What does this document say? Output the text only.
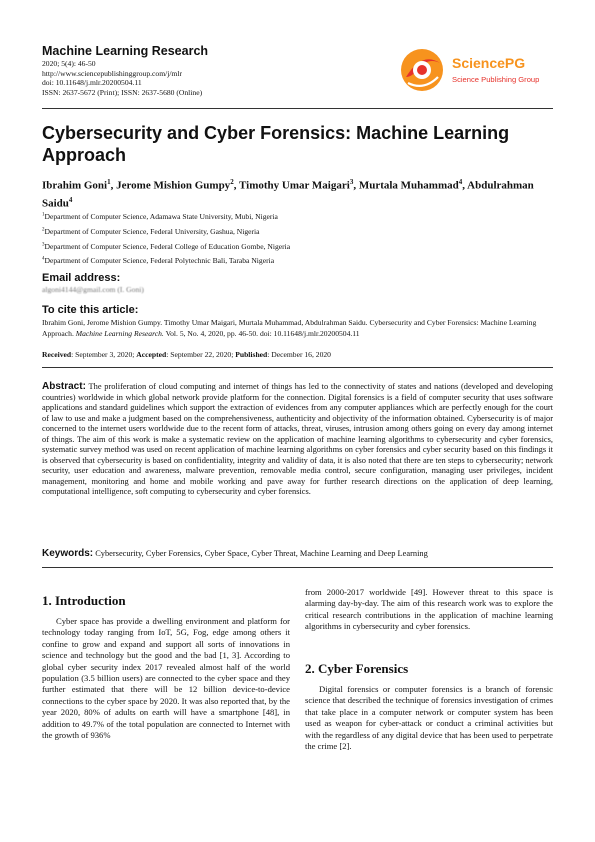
Machine Learning Research
2020; 5(4): 46-50
http://www.sciencepublishinggroup.com/j/mlr
doi: 10.11648/j.mlr.20200504.11
ISSN: 2637-5672 (Print); ISSN: 2637-5680 (Online)
SciencePG
Science Publishing Group
Cybersecurity and Cyber Forensics: Machine Learning Approach
Ibrahim Goni$^1$, Jerome Mishion Gumpy$^2$, Timothy Umar Maigari$^3$, Murtala Muhammad$^4$, Abdulrahman Saidu$^4$
$^1$Department of Computer Science, Adamawa State University, Mubi, Nigeria
$^2$Department of Computer Science, Federal University, Gashua, Nigeria
$^3$Department of Computer Science, Federal College of Education Gombe, Nigeria
$^4$Department of Computer Science, Federal Polytechnic Bali, Taraba Nigeria
Email address:
algoni4144@gmail.com (I. Goni)
To cite this article:
Ibrahim Goni, Jerome Mishion Gumpy. Timothy Umar Maigari, Murtala Muhammad, Abdulrahman Saidu. Cybersecurity and Cyber Forensics: Machine Learning Approach. Machine Learning Research. Vol. 5, No. 4, 2020, pp. 46-50. doi: 10.11648/j.mlr.20200504.11
Received: September 3, 2020; Accepted: September 22, 2020; Published: December 16, 2020
Abstract: The proliferation of cloud computing and internet of things has led to the connectivity of states and nations (developed and developing countries) worldwide in which global network provide platform for the connection. Digital forensics is a field of computer security that uses software applications and standard guidelines which support the extraction of evidences from any computer appliances which are perfectly enough for the court of law to use and make a judgment based on the comprehensiveness, authenticity and objectivity of the information obtained. Cybersecurity is of major concerned to the internet users worldwide due to the recent form of attacks, threat, viruses, intrusion among others going on every day among internet of things. The aim of this work is make a systematic review on the application of machine learning algorithms to cybersecurity and cyber forensics, systematic survey method was used on recent application of machine learning algorithms on cyber forensics and cyber security based on this findings it is observed that cybersecurity is based on confidentiality, integrity and validity of data, it is also noted that there are ten steps to cybersecurity; network security, user education and awareness, malware prevention, removable media control, secure configuration, managing user privileges, incident management, monitoring and home and mobile working and pave away for further research directions on the application of deep learning, computational intelligence, soft computing to cybersecurity and cyber forensics.
Keywords: Cybersecurity, Cyber Forensics, Cyber Space, Cyber Threat, Machine Learning and Deep Learning
1. Introduction
Cyber space has provide a dwelling environment and platform for technology today ranging from IoT, 5G, Fog, edge among others it confine to grow and expand and support all sorts of innovations in science and technology but the good and the bad [1, 3]. According to global cyber security index 2017 revealed almost half of the world population (3.5 billion users) are connected to the cyber space and they further estimated that there will be 12 billion device-to-device connections to the cyber space by 2020. It was also reported that, by the year 2020, 80% of adults on earth will have a smartphone [48], in addition to 49.7% of the total population are connected to Internet with the growth of 936%
from 2000-2017 worldwide [49]. However threat to this space is alarming day-by-day. The aim of this research work was to explore the critical research contributions in the application of machine learning algorithms in cybersecurity and cyber forensics.
2. Cyber Forensics
Digital forensics or computer forensics is a branch of forensic science that described the technique of forensics investigation of crimes that take place in a computer network or computer system has been used as weapon for cyber-attack or conduct a criminal activities but with the regardless of any digital device that has been used to perpetrate the crime [2].
